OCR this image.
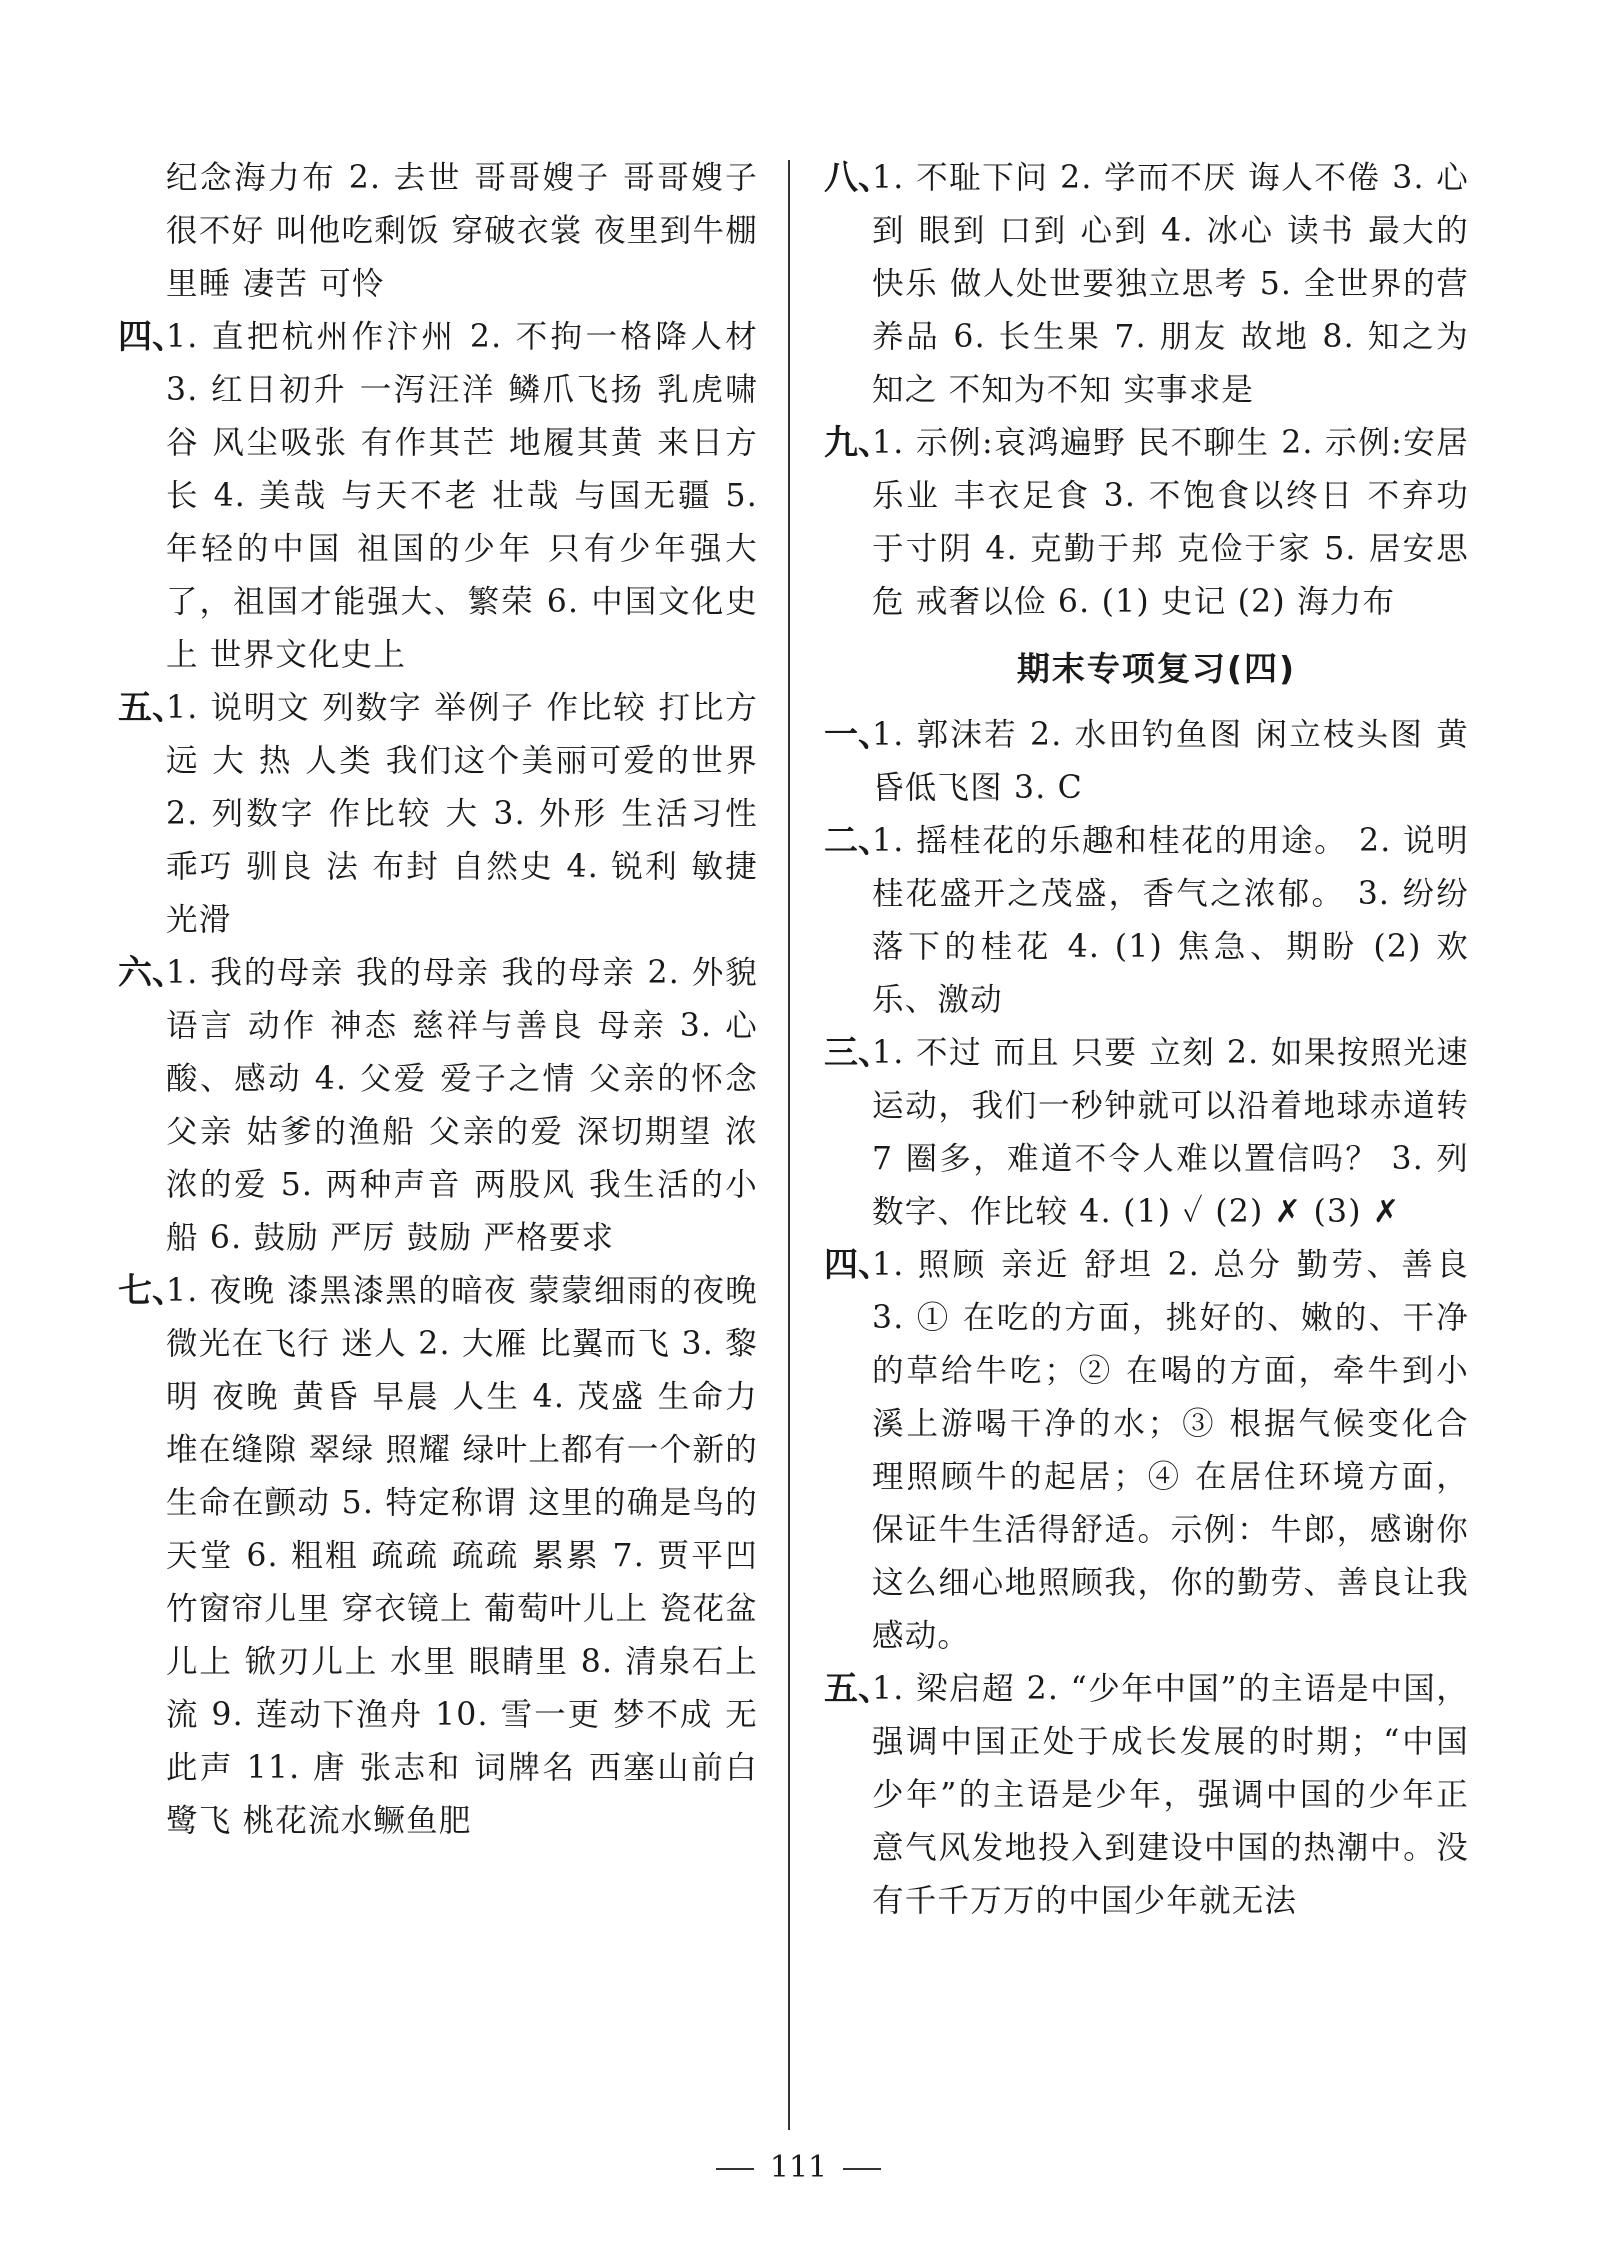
纪念海力布 2. 去世 哥哥嫂子 哥哥嫂子 很不好 叫他吃剩饭 穿破衣裳 夜里到牛棚里睡 凄苦 可怜
四、
1. 直把杭州作汴州 2. 不拘一格降人材 3. 红日初升 一泻汪洋 鳞爪飞扬 乳虎啸谷 风尘吸张 有作其芒 地履其黄 来日方长 4. 美哉 与天不老 壮哉 与国无疆 5. 年轻的中国 祖国的少年 只有少年强大了，祖国才能强大、繁荣 6. 中国文化史上 世界文化史上
五、
1. 说明文 列数字 举例子 作比较 打比方 远 大 热 人类 我们这个美丽可爱的世界 2. 列数字 作比较 大 3. 外形 生活习性 乖巧 驯良 法 布封 自然史 4. 锐利 敏捷 光滑
六、
1. 我的母亲 我的母亲 我的母亲 2. 外貌 语言 动作 神态 慈祥与善良 母亲 3. 心酸、感动 4. 父爱 爱子之情 父亲的怀念 父亲 姑爹的渔船 父亲的爱 深切期望 浓浓的爱 5. 两种声音 两股风 我生活的小船 6. 鼓励 严厉 鼓励 严格要求
七、
1. 夜晚 漆黑漆黑的暗夜 蒙蒙细雨的夜晚 微光在飞行 迷人 2. 大雁 比翼而飞 3. 黎明 夜晚 黄昏 早晨 人生 4. 茂盛 生命力 堆在缝隙 翠绿 照耀 绿叶上都有一个新的生命在颤动 5. 特定称谓 这里的确是鸟的天堂 6. 粗粗 疏疏 疏疏 累累 7. 贾平凹 竹窗帘儿里 穿衣镜上 葡萄叶儿上 瓷花盆儿上 锨刃儿上 水里 眼睛里 8. 清泉石上流 9. 莲动下渔舟 10. 雪一更 梦不成 无此声 11. 唐 张志和 词牌名 西塞山前白鹭飞 桃花流水鳜鱼肥
八、
1. 不耻下问 2. 学而不厌 诲人不倦 3. 心到 眼到 口到 心到 4. 冰心 读书 最大的快乐 做人处世要独立思考 5. 全世界的营养品 6. 长生果 7. 朋友 故地 8. 知之为知之 不知为不知 实事求是
九、
1. 示例:哀鸿遍野 民不聊生 2. 示例:安居乐业 丰衣足食 3. 不饱食以终日 不弃功于寸阴 4. 克勤于邦 克俭于家 5. 居安思危 戒奢以俭 6. (1) 史记 (2) 海力布
期末专项复习(四)
一、
1. 郭沫若 2. 水田钓鱼图 闲立枝头图 黄昏低飞图 3. C
二、
1. 摇桂花的乐趣和桂花的用途。 2. 说明桂花盛开之茂盛，香气之浓郁。 3. 纷纷落下的桂花 4. (1) 焦急、期盼 (2) 欢乐、激动
三、
1. 不过 而且 只要 立刻 2. 如果按照光速运动，我们一秒钟就可以沿着地球赤道转 7 圈多，难道不令人难以置信吗？ 3. 列数字、作比较 4. (1) ✓ (2) ✗ (3) ✗
四、
1. 照顾 亲近 舒坦 2. 总分 勤劳、善良 3. ① 在吃的方面，挑好的、嫩的、干净的草给牛吃；② 在喝的方面，牵牛到小溪上游喝干净的水；③ 根据气候变化合理照顾牛的起居；④ 在居住环境方面，保证牛生活得舒适。示例：牛郎，感谢你这么细心地照顾我，你的勤劳、善良让我感动。
五、
1. 梁启超 2. “少年中国”的主语是中国，强调中国正处于成长发展的时期；“中国少年”的主语是少年，强调中国的少年正意气风发地投入到建设中国的热潮中。没有千千万万的中国少年就无法
111
